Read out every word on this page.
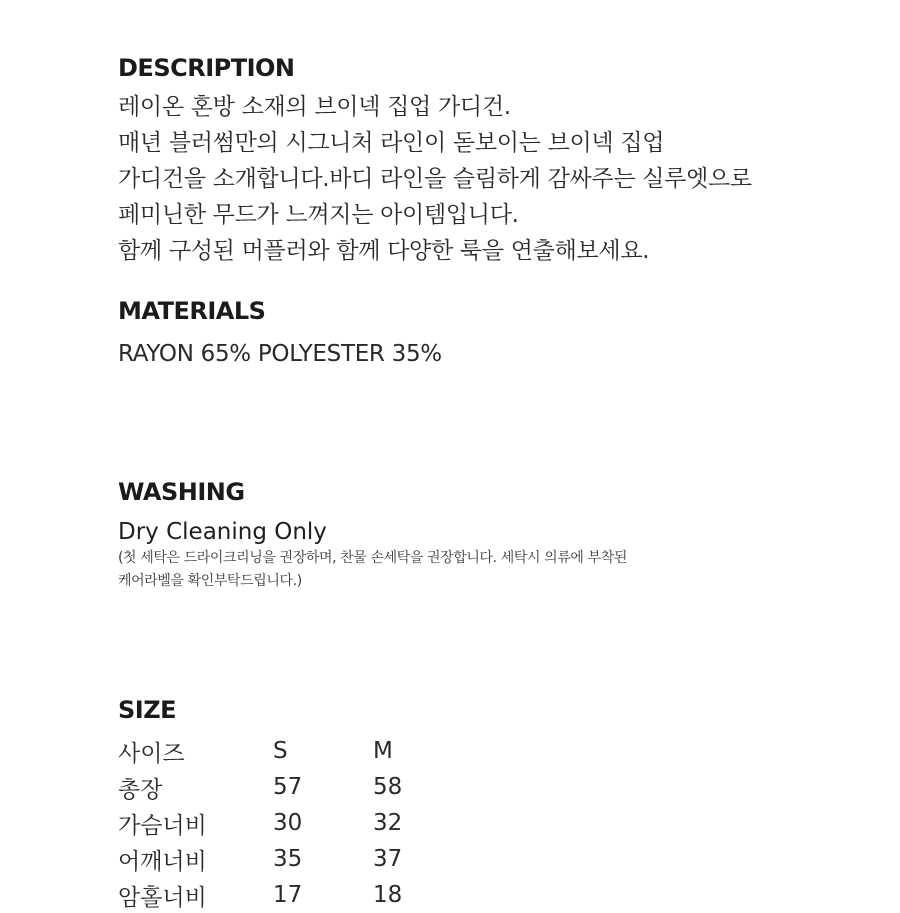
DESCRIPTION
레이온 혼방 소재의 브이넥 집업 가디건.
매년 블러썸만의 시그니처 라인이 돋보이는 브이넥 집업
가디건을 소개합니다.바디 라인을 슬림하게 감싸주는 실루엣으로
페미닌한 무드가 느껴지는 아이템입니다.
함께 구성된 머플러와 함께 다양한 룩을 연출해보세요.
MATERIALS
RAYON 65% POLYESTER 35%
WASHING
Dry Cleaning Only
(첫 세탁은 드라이크리닝을 권장하며, 찬물 손세탁을 권장합니다. 세탁시 의류에 부착된
케어라벨을 확인부탁드립니다.)
SIZE
사이즈	S	M
총장	57	58
가슴너비	30	32
어깨너비	35	37
암홀너비	17	18
